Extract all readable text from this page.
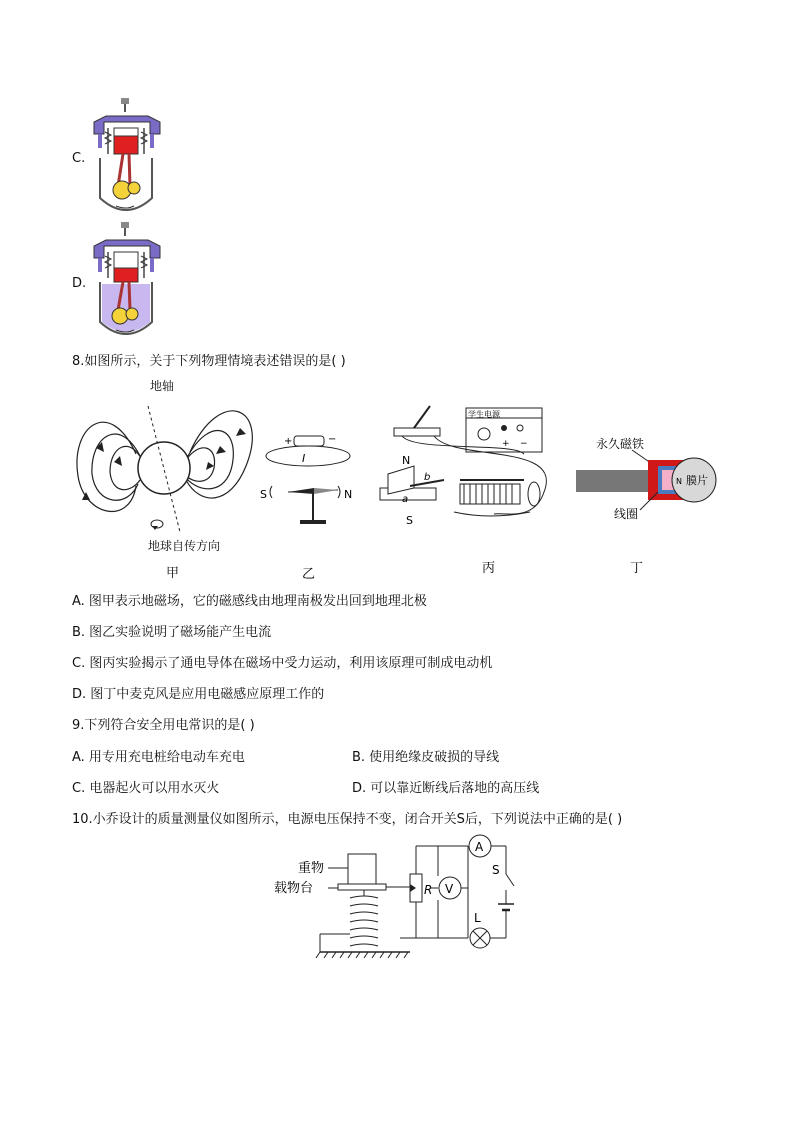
C.
D.
8.如图所示，关于下列物理情境表述错误的是( )
地轴
地球自传方向
甲
+	−
I
S	N
乙
学生电源
+ −
N
S
b
a
丙
永久磁铁
膜片
N
线圈
丁
A. 图甲表示地磁场，它的磁感线由地理南极发出回到地理北极
B. 图乙实验说明了磁场能产生电流
C. 图丙实验揭示了通电导体在磁场中受力运动，利用该原理可制成电动机
D. 图丁中麦克风是应用电磁感应原理工作的
9.下列符合安全用电常识的是( )
A. 用专用充电桩给电动车充电	B. 使用绝缘皮破损的导线
C. 电器起火可以用水灭火	D. 可以靠近断线后落地的高压线
10.小乔设计的质量测量仪如图所示，电源电压保持不变，闭合开关S后，下列说法中正确的是( )
重物
载物台	R
A
S
V
L
